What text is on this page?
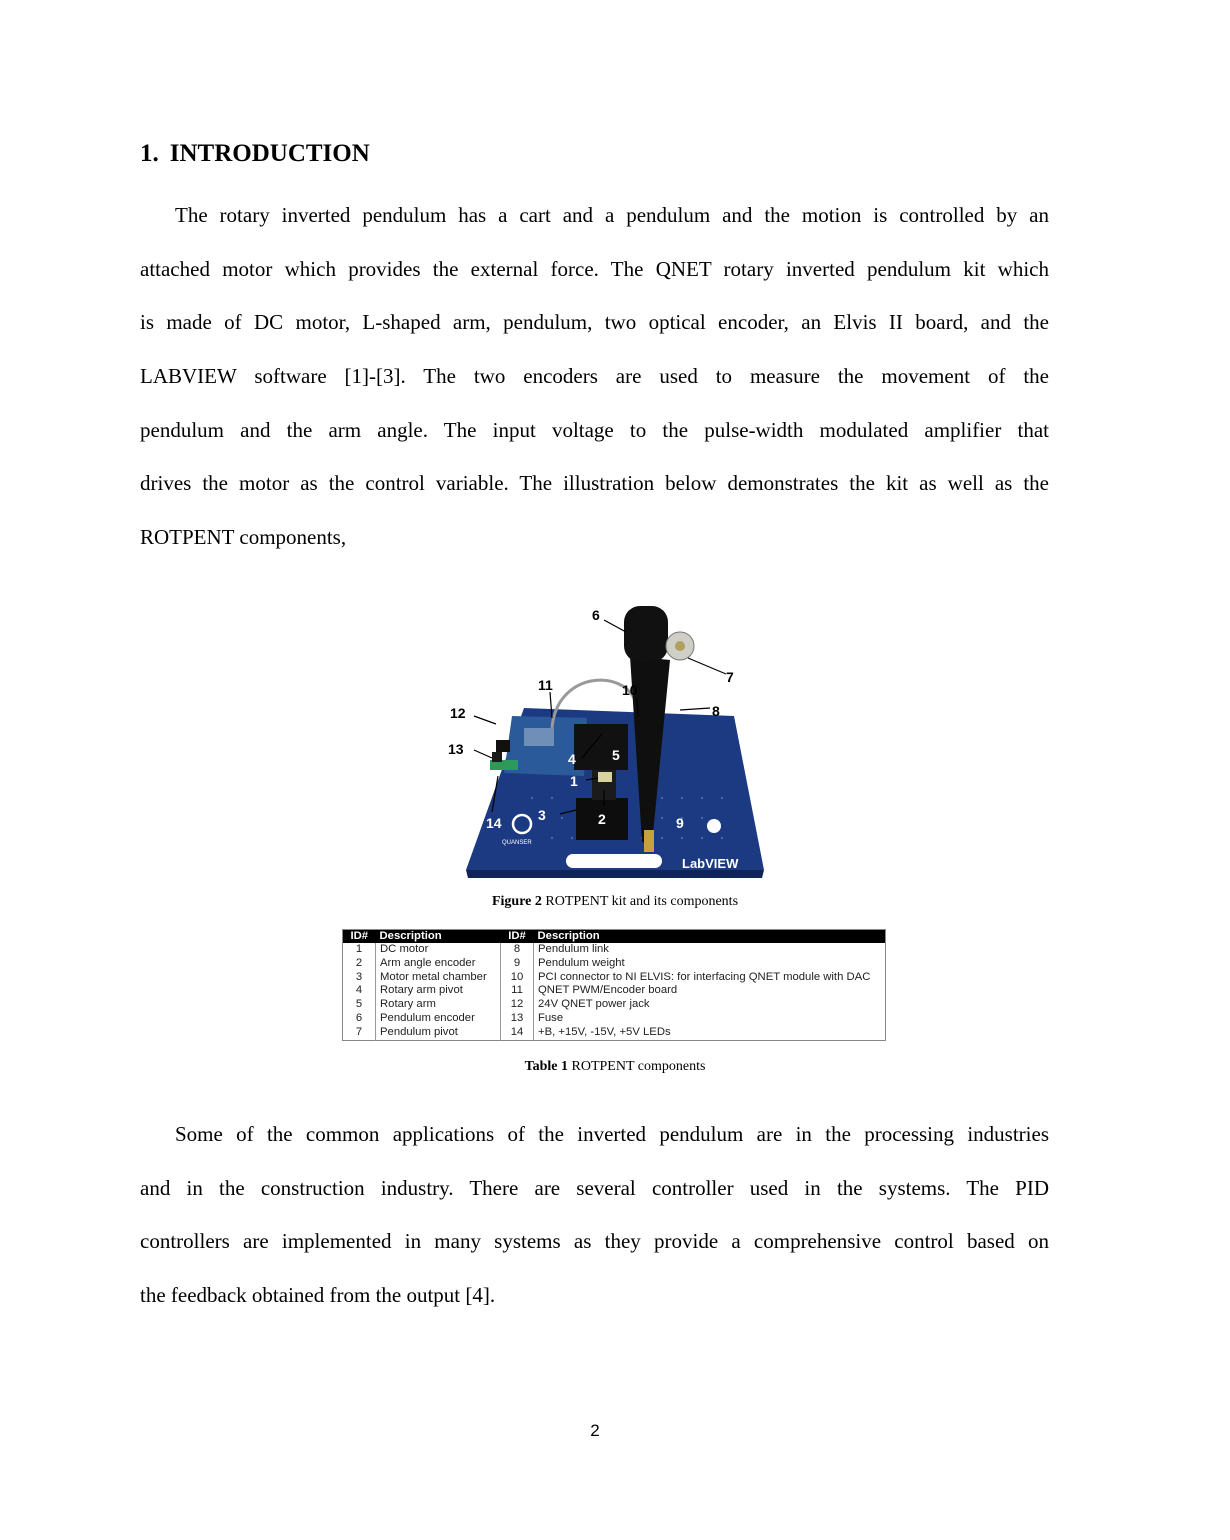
1. INTRODUCTION
The rotary inverted pendulum has a cart and a pendulum and the motion is controlled by an
attached motor which provides the external force. The QNET rotary inverted pendulum kit which
is made of DC motor, L-shaped arm, pendulum, two optical encoder, an Elvis II board, and the
LABVIEW software [1]-[3]. The two encoders are used to measure the movement of the
pendulum and the arm angle. The input voltage to the pulse-width modulated amplifier that
drives the motor as the control variable. The illustration below demonstrates the kit as well as the
ROTPENT components,
QUANSER
LabVIEW
6
7
8
10
11
12
13	5
4
1
3	2
14	9
Figure 2 ROTPENT kit and its components
ID#	Description	ID#	Description
1	DC motor	8	Pendulum link
2	Arm angle encoder	9	Pendulum weight
3	Motor metal chamber	10	PCI connector to NI ELVIS: for interfacing QNET module with DAC
4	Rotary arm pivot	11	QNET PWM/Encoder board
5	Rotary arm	12	24V QNET power jack
6	Pendulum encoder	13	Fuse
7	Pendulum pivot	14	+B, +15V, -15V, +5V LEDs
Table 1 ROTPENT components
Some of the common applications of the inverted pendulum are in the processing industries
and in the construction industry. There are several controller used in the systems. The PID
controllers are implemented in many systems as they provide a comprehensive control based on
the feedback obtained from the output [4].
2
